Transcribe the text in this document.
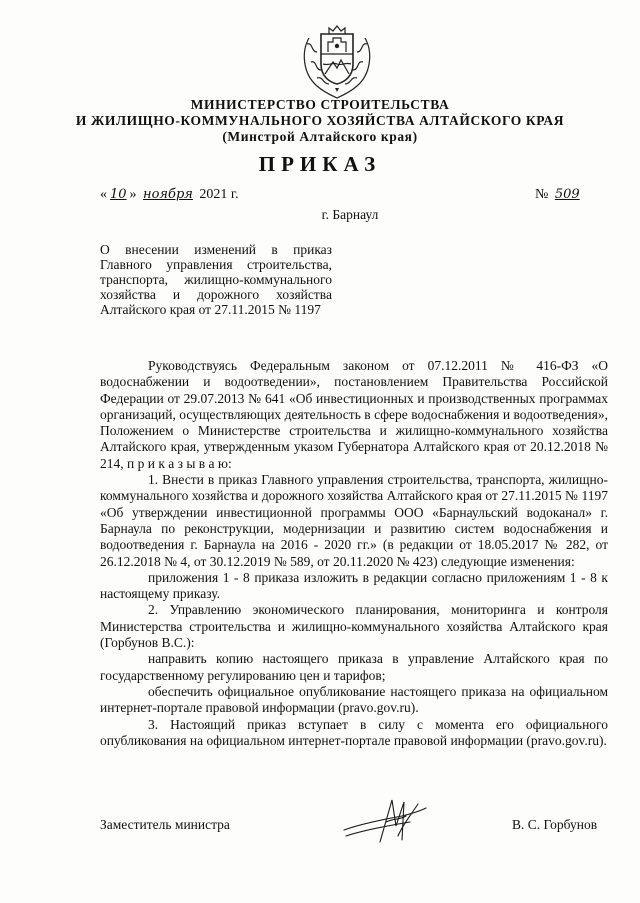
МИНИСТЕРСТВО СТРОИТЕЛЬСТВА
И ЖИЛИЩНО-КОММУНАЛЬНОГО ХОЗЯЙСТВА АЛТАЙСКОГО КРАЯ
(Минстрой Алтайского края)
ПРИКАЗ
« 10 » ноября 2021 г.	№ 509
г. Барнаул
О внесении изменений в приказ Главного управления строительства, транспорта, жилищно-коммунального хозяйства и дорожного хозяйства Алтайского края от 27.11.2015 № 1197

Руководствуясь Федеральным законом от 07.12.2011 № 416-ФЗ «О водоснабжении и водоотведении», постановлением Правительства Российской Федерации от 29.07.2013 № 641 «Об инвестиционных и производственных программах организаций, осуществляющих деятельность в сфере водоснабжения и водоотведения», Положением о Министерстве строительства и жилищно-коммунального хозяйства Алтайского края, утвержденным указом Губернатора Алтайского края от 20.12.2018 № 214, п р и к а з ы в а ю:

1. Внести в приказ Главного управления строительства, транспорта, жилищно-коммунального хозяйства и дорожного хозяйства Алтайского края от 27.11.2015 № 1197 «Об утверждении инвестиционной программы ООО «Барнаульский водоканал» г. Барнаула по реконструкции, модернизации и развитию систем водоснабжения и водоотведения г. Барнаула на 2016 - 2020 гг.» (в редакции от 18.05.2017 № 282, от 26.12.2018 № 4, от 30.12.2019 № 589, от 20.11.2020 № 423) следующие изменения:

приложения 1 - 8 приказа изложить в редакции согласно приложениям 1 - 8 к настоящему приказу.

2. Управлению экономического планирования, мониторинга и контроля Министерства строительства и жилищно-коммунального хозяйства Алтайского края (Горбунов В.С.):

направить копию настоящего приказа в управление Алтайского края по государственному регулированию цен и тарифов;

обеспечить официальное опубликование настоящего приказа на официальном интернет-портале правовой информации (pravo.gov.ru).

3. Настоящий приказ вступает в силу с момента его официального опубликования на официальном интернет-портале правовой информации (pravo.gov.ru).

Заместитель министра	В. С. Горбунов
